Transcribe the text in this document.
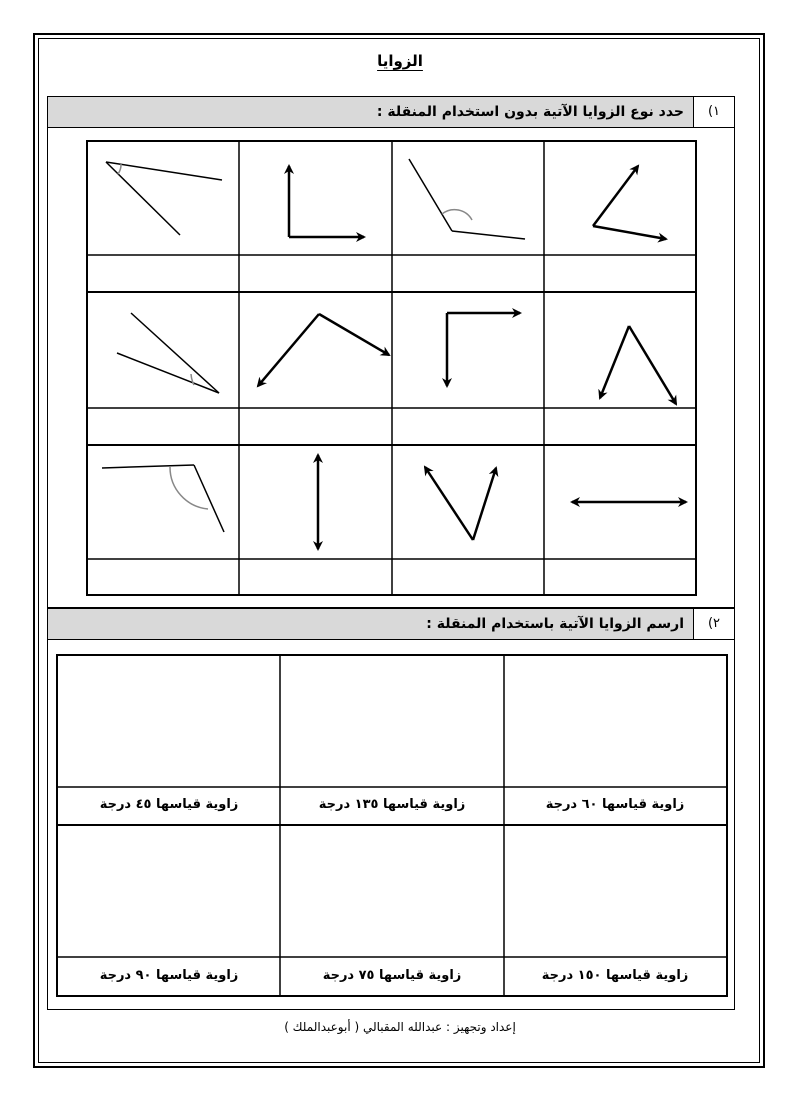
الزوايا
١)
حدد نوع الزوايا الآتية بدون استخدام المنقلة :
٢)
ارسم الزوايا الآتية باستخدام المنقلة :
زاوية قياسها ٦٠ درجة
زاوية قياسها ١٣٥ درجة
زاوية قياسها ٤٥ درجة
زاوية قياسها ١٥٠ درجة
زاوية قياسها ٧٥ درجة
زاوية قياسها ٩٠ درجة
إعداد وتجهيز : عبدالله المقبالي ( أبوعبدالملك )
